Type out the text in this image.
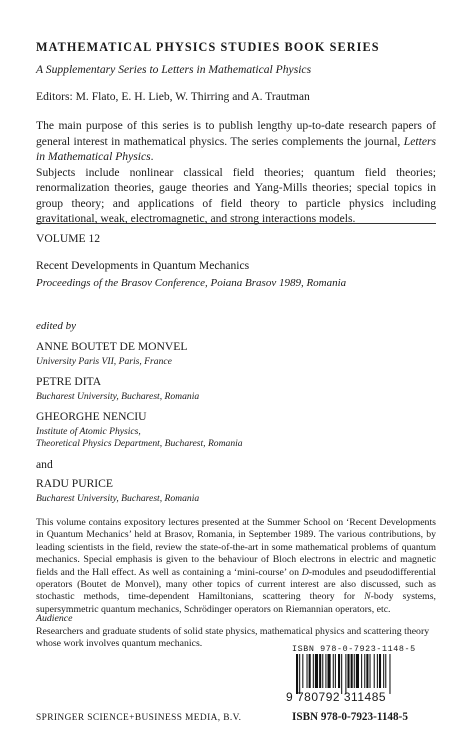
MATHEMATICAL PHYSICS STUDIES BOOK SERIES
A Supplementary Series to Letters in Mathematical Physics
Editors: M. Flato, E. H. Lieb, W. Thirring and A. Trautman

The main purpose of this series is to publish lengthy up-to-date research papers of general interest in mathematical physics. The series complements the journal, Letters in Mathematical Physics.

Subjects include nonlinear classical field theories; quantum field theories; renormalization theories, gauge theories and Yang-Mills theories; special topics in group theory; and applications of field theory to particle physics including gravitational, weak, electromagnetic, and strong interactions models.

VOLUME 12
Recent Developments in Quantum Mechanics
Proceedings of the Brasov Conference, Poiana Brasov 1989, Romania
edited by
ANNE BOUTET DE MONVEL
University Paris VII, Paris, France
PETRE DITA
Bucharest University, Bucharest, Romania
GHEORGHE NENCIU
Institute of Atomic Physics,
Theoretical Physics Department, Bucharest, Romania
and
RADU PURICE
Bucharest University, Bucharest, Romania
This volume contains expository lectures presented at the Summer School on ‘Recent Developments in Quantum Mechanics’ held at Brasov, Romania, in September 1989. The various contributions, by leading scientists in the field, review the state-of-the-art in some mathematical problems of quantum mechanics. Special emphasis is given to the behaviour of Bloch electrons in electric and magnetic fields and the Hall effect. As well as containing a ‘mini-course’ on D-modules and pseudodifferential operators (Boutet de Monvel), many other topics of current interest are also discussed, such as stochastic methods, time-dependent Hamiltonians, scattering theory for N-body systems, supersymmetric quantum mechanics, Schrödinger operators on Riemannian operators, etc.
Audience
Researchers and graduate students of solid state physics, mathematical physics and scattering theory whose work involves quantum mechanics.	ISBN 978-0-7923-1148-5
9 780792 311485
SPRINGER SCIENCE+BUSINESS MEDIA, B.V.	ISBN 978-0-7923-1148-5
